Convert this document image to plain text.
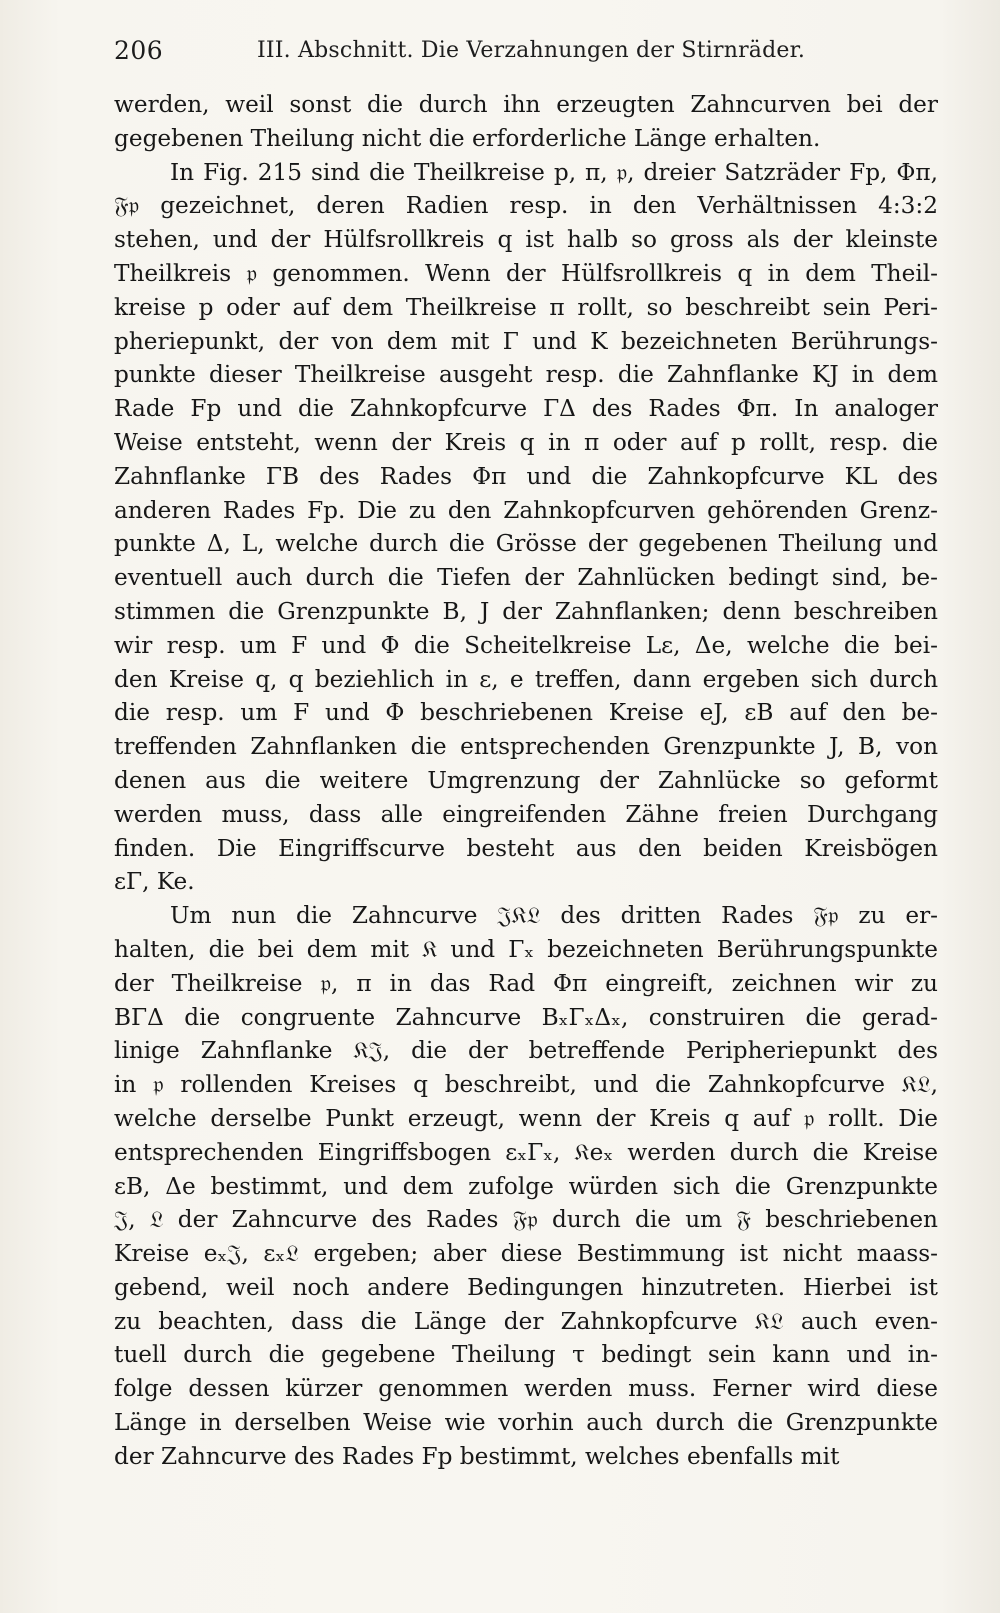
206	III. Abschnitt. Die Verzahnungen der Stirnräder.
werden, weil sonst die durch ihn erzeugten Zahncurven bei der
gegebenen Theilung nicht die erforderliche Länge erhalten.
In Fig. 215 sind die Theilkreise p, π, 𝔭, dreier Satzräder Fp, Φπ,
𝔉𝔭 gezeichnet, deren Radien resp. in den Verhältnissen 4:3:2
stehen, und der Hülfsrollkreis q ist halb so gross als der kleinste
Theilkreis 𝔭 genommen. Wenn der Hülfsrollkreis q in dem Theil-
kreise p oder auf dem Theilkreise π rollt, so beschreibt sein Peri-
pheriepunkt, der von dem mit Γ und K bezeichneten Berührungs-
punkte dieser Theilkreise ausgeht resp. die Zahnflanke KJ in dem
Rade Fp und die Zahnkopfcurve ΓΔ des Rades Φπ. In analoger
Weise entsteht, wenn der Kreis q in π oder auf p rollt, resp. die
Zahnflanke ΓB des Rades Φπ und die Zahnkopfcurve KL des
anderen Rades Fp. Die zu den Zahnkopfcurven gehörenden Grenz-
punkte Δ, L, welche durch die Grösse der gegebenen Theilung und
eventuell auch durch die Tiefen der Zahnlücken bedingt sind, be-
stimmen die Grenzpunkte B, J der Zahnflanken; denn beschreiben
wir resp. um F und Φ die Scheitelkreise Lε, Δe, welche die bei-
den Kreise q, q beziehlich in ε, e treffen, dann ergeben sich durch
die resp. um F und Φ beschriebenen Kreise eJ, εB auf den be-
treffenden Zahnflanken die entsprechenden Grenzpunkte J, B, von
denen aus die weitere Umgrenzung der Zahnlücke so geformt
werden muss, dass alle eingreifenden Zähne freien Durchgang
finden. Die Eingriffscurve besteht aus den beiden Kreisbögen
εΓ, Ke.
Um nun die Zahncurve 𝔍𝔎𝔏 des dritten Rades 𝔉𝔭 zu er-
halten, die bei dem mit 𝔎 und Γₓ bezeichneten Berührungspunkte
der Theilkreise 𝔭, π in das Rad Φπ eingreift, zeichnen wir zu
BΓΔ die congruente Zahncurve BₓΓₓΔₓ, construiren die gerad-
linige Zahnflanke 𝔎𝔍, die der betreffende Peripheriepunkt des
in 𝔭 rollenden Kreises q beschreibt, und die Zahnkopfcurve 𝔎𝔏,
welche derselbe Punkt erzeugt, wenn der Kreis q auf 𝔭 rollt. Die
entsprechenden Eingriffsbogen εₓΓₓ, 𝔎eₓ werden durch die Kreise
εB, Δe bestimmt, und dem zufolge würden sich die Grenzpunkte
𝔍, 𝔏 der Zahncurve des Rades 𝔉𝔭 durch die um 𝔉 beschriebenen
Kreise eₓ𝔍, εₓ𝔏 ergeben; aber diese Bestimmung ist nicht maass-
gebend, weil noch andere Bedingungen hinzutreten. Hierbei ist
zu beachten, dass die Länge der Zahnkopfcurve 𝔎𝔏 auch even-
tuell durch die gegebene Theilung τ bedingt sein kann und in-
folge dessen kürzer genommen werden muss. Ferner wird diese
Länge in derselben Weise wie vorhin auch durch die Grenzpunkte
der Zahncurve des Rades Fp bestimmt, welches ebenfalls mit
